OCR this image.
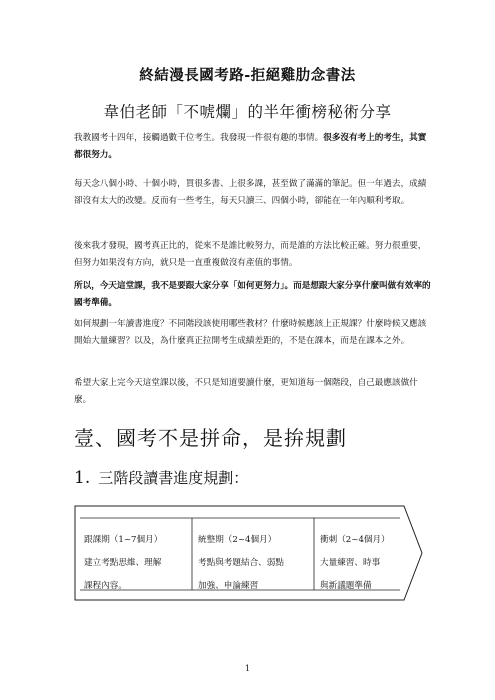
終結漫長國考路-拒絕雞肋念書法
韋伯老師「不唬爛」的半年衝榜秘術分享
我教國考十四年，接觸過數千位考生。我發現一件很有趣的事情。很多沒有考上的考生，其實都很努力。
每天念八個小時、十個小時，買很多書、上很多課，甚至做了滿滿的筆記。但一年過去，成績卻沒有太大的改變。反而有一些考生，每天只讀三、四個小時，卻能在一年內順利考取。
後來我才發現，國考真正比的，從來不是誰比較努力，而是誰的方法比較正確。努力很重要，但努力如果沒有方向，就只是一直重複做沒有產值的事情。
所以，今天這堂課，我不是要跟大家分享「如何更努力」。而是想跟大家分享什麼叫做有效率的國考準備。
如何規劃一年讀書進度？不同階段該使用哪些教材？什麼時候應該上正規課？什麼時候又應該開始大量練習？以及，為什麼真正拉開考生成績差距的，不是在課本，而是在課本之外。
希望大家上完今天這堂課以後，不只是知道要讀什麼，更知道每一個階段，自己最應該做什麼。
壹、國考不是拼命，是拚規劃
1. 三階段讀書進度規劃：
跟課期（1~7個月）
建立考點思維、理解
課程內容。
統整期（2~4個月）
考點與考題結合、弱點
加強、申論練習
衝刺（2~4個月）
大量練習、時事
與新議題準備
1
